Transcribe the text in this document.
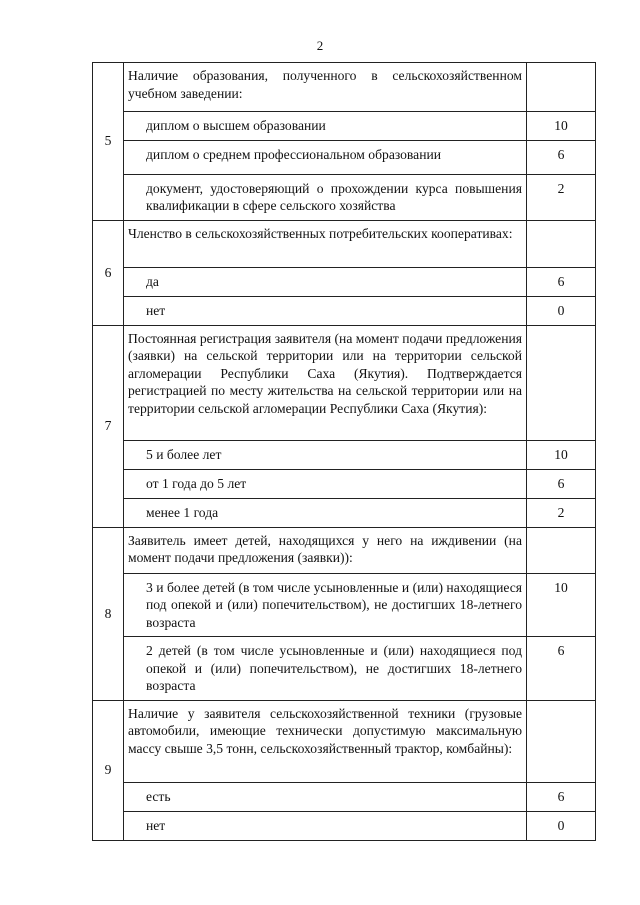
2
5	Наличие образования, полученного в сельскохозяйственном учебном заведении:	
	диплом о высшем образовании	10
	диплом о среднем профессиональном образовании	6
	документ, удостоверяющий о прохождении курса повышения квалификации в сфере сельского хозяйства	2
6	Членство в сельскохозяйственных потребительских кооперативах:	
	да	6
	нет	0
7	Постоянная регистрация заявителя (на момент подачи предложения (заявки) на сельской территории или на территории сельской агломерации Республики Саха (Якутия). Подтверждается регистрацией по месту жительства на сельской территории или на территории сельской агломерации Республики Саха (Якутия):	
	5 и более лет	10
	от 1 года до 5 лет	6
	менее 1 года	2
8	Заявитель имеет детей, находящихся у него на иждивении (на момент подачи предложения (заявки)):	
	3 и более детей (в том числе усыновленные и (или) находящиеся под опекой и (или) попечительством), не достигших 18-летнего возраста	10
	2 детей (в том числе усыновленные и (или) находящиеся под опекой и (или) попечительством), не достигших 18-летнего возраста	6
9	Наличие у заявителя сельскохозяйственной техники (грузовые автомобили, имеющие технически допустимую максимальную массу свыше 3,5 тонн, сельскохозяйственный трактор, комбайны):	
	есть	6
	нет	0
